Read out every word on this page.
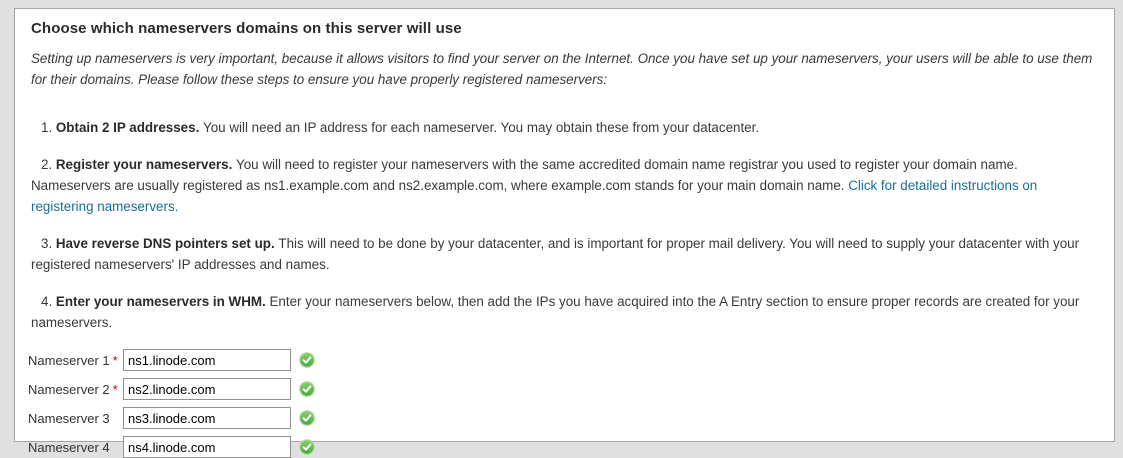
Choose which nameservers domains on this server will use
Setting up nameservers is very important, because it allows visitors to find your server on the Internet. Once you have set up your nameservers, your users will be able to use them for their domains. Please follow these steps to ensure you have properly registered nameservers:
1. Obtain 2 IP addresses. You will need an IP address for each nameserver. You may obtain these from your datacenter.
2. Register your nameservers. You will need to register your nameservers with the same accredited domain name registrar you used to register your domain name. Nameservers are usually registered as ns1.example.com and ns2.example.com, where example.com stands for your main domain name. Click for detailed instructions on registering nameservers.
3. Have reverse DNS pointers set up. This will need to be done by your datacenter, and is important for proper mail delivery. You will need to supply your datacenter with your registered nameservers' IP addresses and names.
4. Enter your nameservers in WHM. Enter your nameservers below, then add the IPs you have acquired into the A Entry section to ensure proper records are created for your nameservers.
Nameserver 1 *
ns1.linode.com
Nameserver 2 *
ns2.linode.com
Nameserver 3
ns3.linode.com
Nameserver 4
ns4.linode.com
